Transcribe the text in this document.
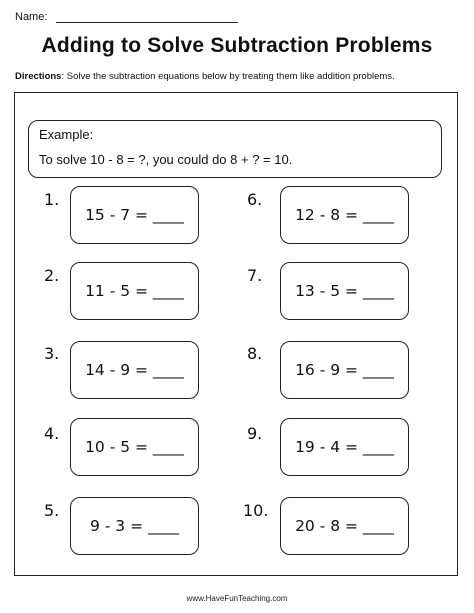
Name:
Adding to Solve Subtraction Problems
Directions: Solve the subtraction equations below by treating them like addition problems.
Example:
To solve 10 - 8 = ?, you could do 8 + ? = 10.
1.
15 - 7 = ____
2.
11 - 5 = ____
3.
14 - 9 = ____
4.
10 - 5 = ____
5.
9 - 3 = ____
6.
12 - 8 = ____
7.
13 - 5 = ____
8.
16 - 9 = ____
9.
19 - 4 = ____
10.
20 - 8 = ____
www.HaveFunTeaching.com
